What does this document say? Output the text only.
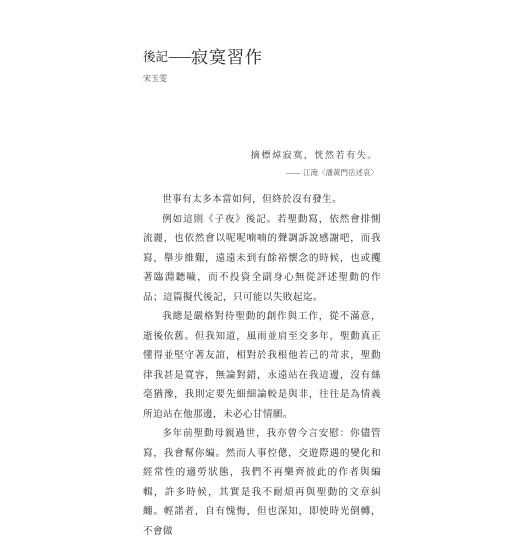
後記——寂寞習作
宋玉雯
摘標焯寂寞，恍然若有失。
—— 江淹〈潘黃門岳述哀〉

世事有太多本當如何，但終於沒有發生。

例如這則《子夜》後記。若聖動寫，依然會排惻流麗，也依然會以呢呢喃喃的聲調訴說感謝吧，而我寫，舉步維艱，遠遠未到有餘裕懷念的時候，也或攫著臨淵聽噦，而不投資全副身心無從評述聖動的作品；這篇擬代後記，只可能以失敗起迄。

我總是嚴格對待聖動的創作與工作，從不滿意，逝後依舊。但我知道，風雨並肩至交多年，聖動真正懂得並堅守著友誼，相對於我根他若己的苛求，聖動律我甚是寬容，無論對錯，永遠站在我這邊，沒有絲毫猶豫，我則定要先細細論較是與非，往往是為情義所迫站在他那邊，未必心甘情願。

多年前聖動母親過世，我亦曾今言安慰：你儘管寫，我會幫你編。然而人事倥傯，交遊際遇的變化和經常性的適勞狀態，我們不再樂齊彼此的作者與編輯，許多時候，其實是我不耐煩再與聖動的文章糾纏。輕諾者，自有愧悔，但也深知，即使時光倒轉，不會做
